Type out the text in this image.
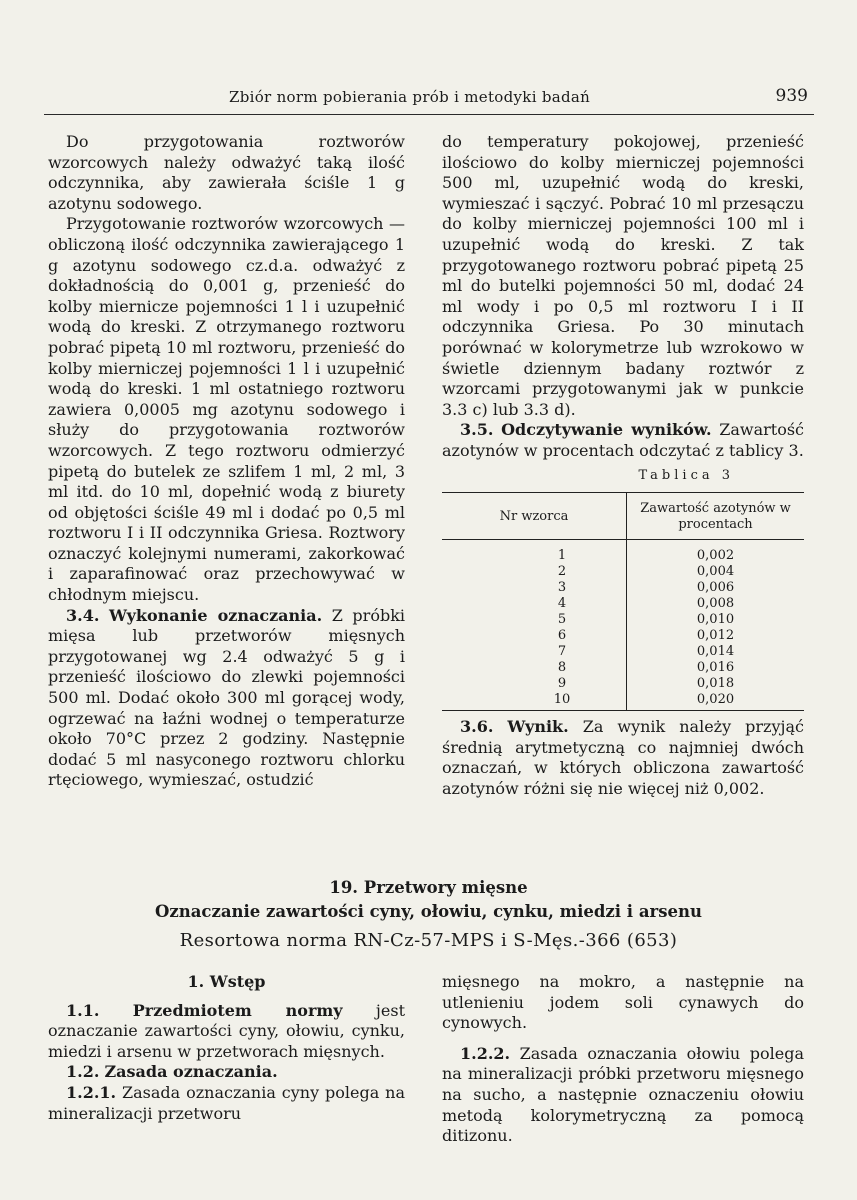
Zbiór norm pobierania prób i metodyki badań	939

Do przygotowania roztworów wzorcowych należy odważyć taką ilość odczynnika, aby zawierała ściśle 1 g azotynu sodowego.

Przygotowanie roztworów wzorcowych — obliczoną ilość odczynnika zawierającego 1 g azotynu sodowego cz.d.a. odważyć z dokładnością do 0,001 g, przenieść do kolby miernicze pojemności 1 l i uzupełnić wodą do kreski. Z otrzymanego roztworu pobrać pipetą 10 ml roztworu, przenieść do kolby mierniczej pojemności 1 l i uzupełnić wodą do kreski. 1 ml ostatniego roztworu zawiera 0,0005 mg azotynu sodowego i służy do przygotowania roztworów wzorcowych. Z tego roztworu odmierzyć pipetą do butelek ze szlifem 1 ml, 2 ml, 3 ml itd. do 10 ml, dopełnić wodą z biurety od objętości ściśle 49 ml i dodać po 0,5 ml roztworu I i II odczynnika Griesa. Roztwory oznaczyć kolejnymi numerami, zakorkować i zaparafinować oraz przechowywać w chłodnym miejscu.

3.4. Wykonanie oznaczania. Z próbki mięsa lub przetworów mięsnych przygotowanej wg 2.4 odważyć 5 g i przenieść ilościowo do zlewki pojemności 500 ml. Dodać około 300 ml gorącej wody, ogrzewać na łaźni wodnej o temperaturze około 70°C przez 2 godziny. Następnie dodać 5 ml nasyconego roztworu chlorku rtęciowego, wymieszać, ostudzić

do temperatury pokojowej, przenieść ilościowo do kolby mierniczej pojemności 500 ml, uzupełnić wodą do kreski, wymieszać i sączyć. Pobrać 10 ml przesączu do kolby mierniczej pojemności 100 ml i uzupełnić wodą do kreski. Z tak przygotowanego roztworu pobrać pipetą 25 ml do butelki pojemności 50 ml, dodać 24 ml wody i po 0,5 ml roztworu I i II odczynnika Griesa. Po 30 minutach porównać w kolorymetrze lub wzrokowo w świetle dziennym badany roztwór z wzorcami przygotowanymi jak w punkcie 3.3 c) lub 3.3 d).

3.5. Odczytywanie wyników. Zawartość azotynów w procentach odczytać z tablicy 3.

Tablica 3
Nr wzorca	Zawartość azotynów w procentach
1	0,002
2	0,004
3	0,006
4	0,008
5	0,010
6	0,012
7	0,014
8	0,016
9	0,018
10	0,020

3.6. Wynik. Za wynik należy przyjąć średnią arytmetyczną co najmniej dwóch oznaczań, w których obliczona zawartość azotynów różni się nie więcej niż 0,002.

19. Przetwory mięsne
Oznaczanie zawartości cyny, ołowiu, cynku, miedzi i arsenu
Resortowa norma RN-Cz-57-MPS i S-Męs.-366 (653)

1. Wstęp

1.1. Przedmiotem normy jest oznaczanie zawartości cyny, ołowiu, cynku, miedzi i arsenu w przetworach mięsnych.

1.2. Zasada oznaczania.

1.2.1. Zasada oznaczania cyny polega na mineralizacji przetworu

mięsnego na mokro, a następnie na utlenieniu jodem soli cynawych do cynowych.

1.2.2. Zasada oznaczania ołowiu polega na mineralizacji próbki przetworu mięsnego na sucho, a następnie oznaczeniu ołowiu metodą kolorymetryczną za pomocą ditizonu.
